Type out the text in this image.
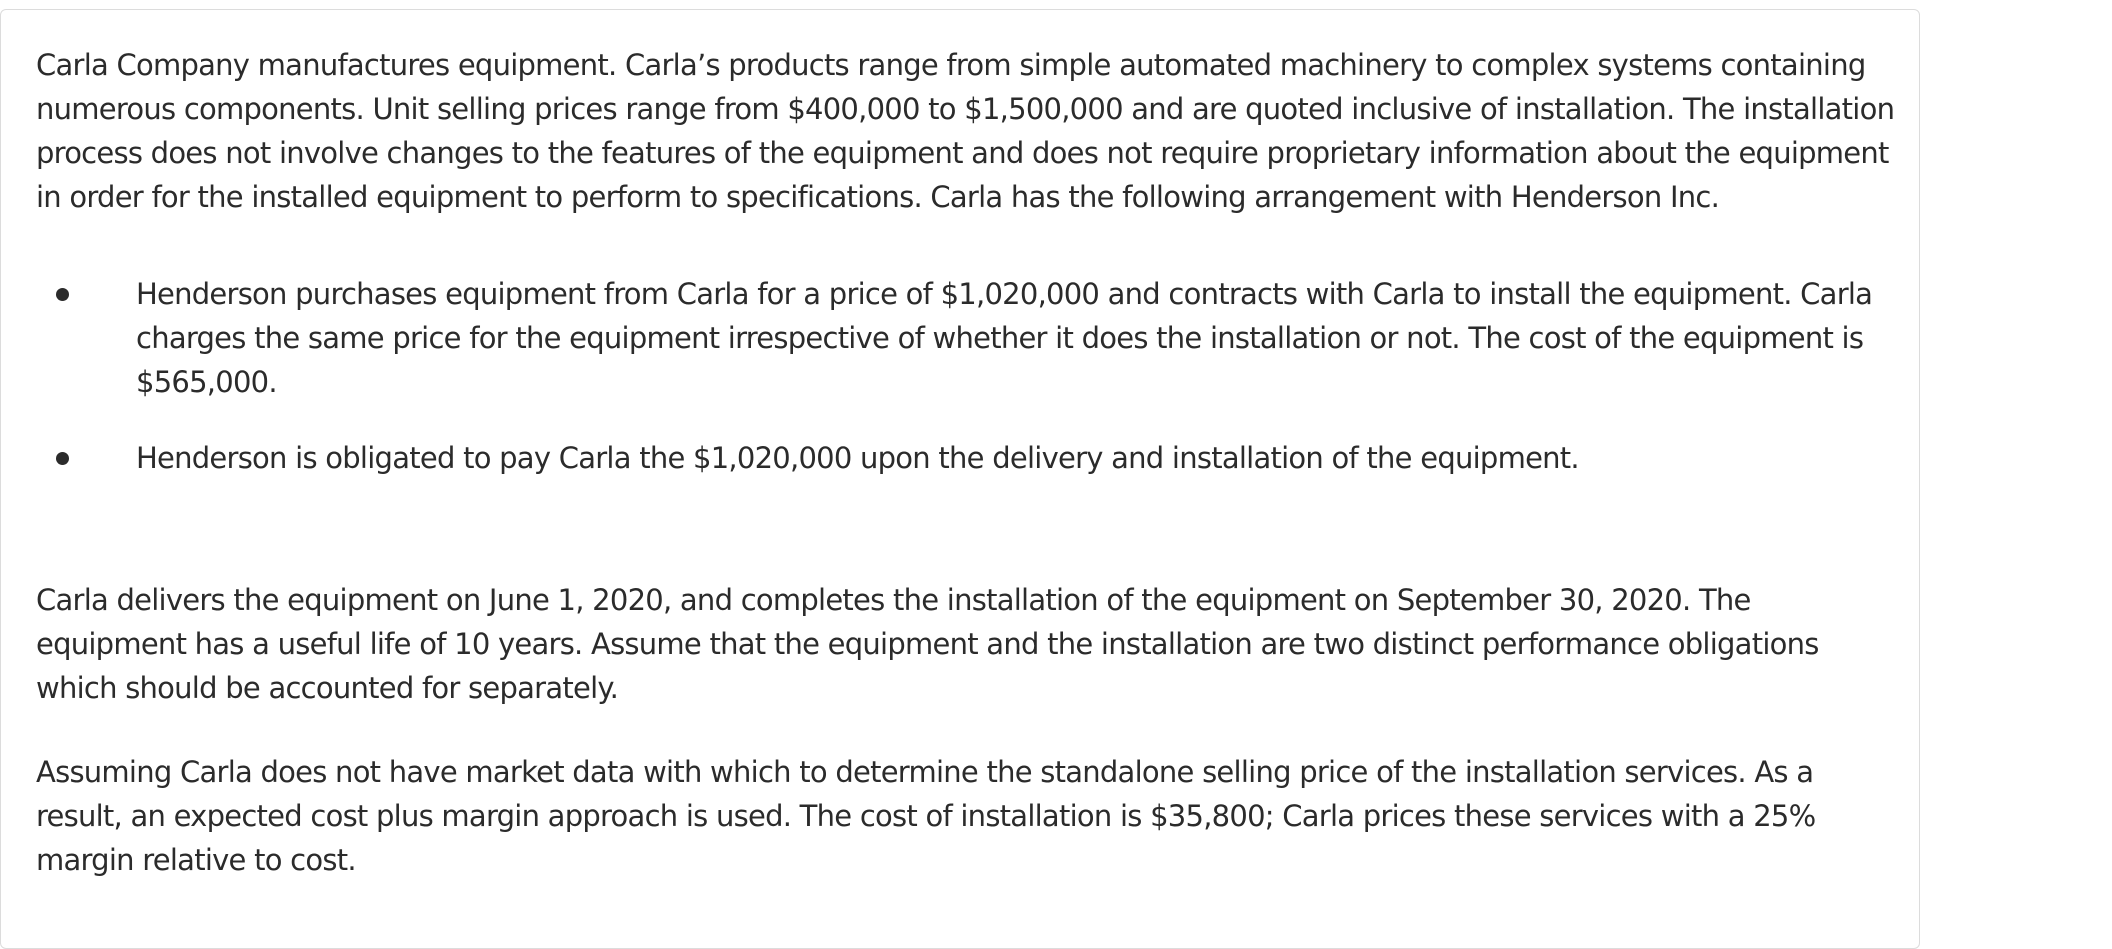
Carla Company manufactures equipment. Carla’s products range from simple automated machinery to complex systems containing numerous components. Unit selling prices range from $400,000 to $1,500,000 and are quoted inclusive of installation. The installation process does not involve changes to the features of the equipment and does not require proprietary information about the equipment in order for the installed equipment to perform to specifications. Carla has the following arrangement with Henderson Inc.

Henderson purchases equipment from Carla for a price of $1,020,000 and contracts with Carla to install the equipment. Carla charges the same price for the equipment irrespective of whether it does the installation or not. The cost of the equipment is $565,000.
Henderson is obligated to pay Carla the $1,020,000 upon the delivery and installation of the equipment.

Carla delivers the equipment on June 1, 2020, and completes the installation of the equipment on September 30, 2020. The equipment has a useful life of 10 years. Assume that the equipment and the installation are two distinct performance obligations which should be accounted for separately.

Assuming Carla does not have market data with which to determine the standalone selling price of the installation services. As a result, an expected cost plus margin approach is used. The cost of installation is $35,800; Carla prices these services with a 25% margin relative to cost.
